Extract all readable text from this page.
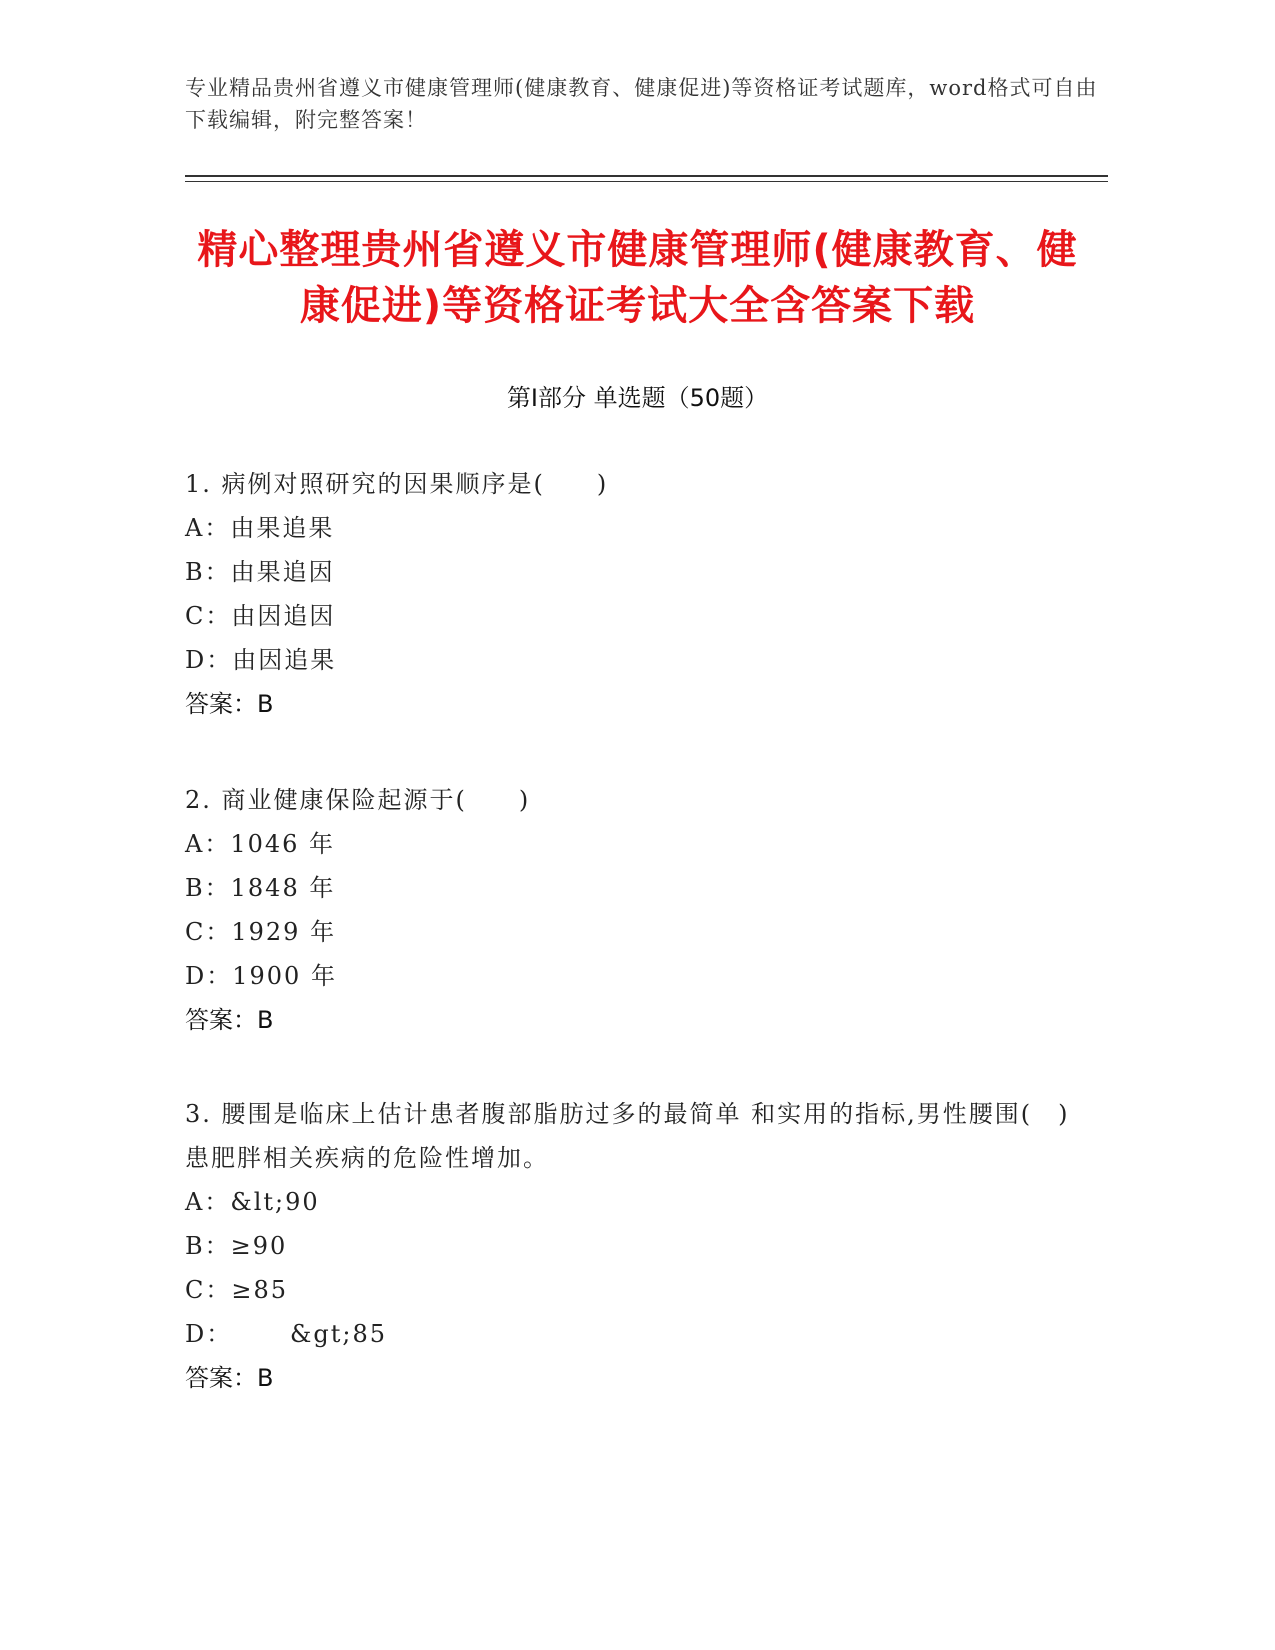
专业精品贵州省遵义市健康管理师(健康教育、健康促进)等资格证考试题库，word格式可自由下载编辑，附完整答案！
精心整理贵州省遵义市健康管理师(健康教育、健康促进)等资格证考试大全含答案下载
第Ⅰ部分 单选题（50题）
1. 病例对照研究的因果顺序是(　　)
A：由果追果
B：由果追因
C：由因追因
D：由因追果
答案：B
2. 商业健康保险起源于(　　)
A：1046 年
B：1848 年
C：1929 年
D：1900 年
答案：B
3. 腰围是临床上估计患者腹部脂肪过多的最简单 和实用的指标,男性腰围(　)患肥胖相关疾病的危险性增加。
A：&lt;90
B：≥90
C：≥85
D：      &gt;85
答案：B
